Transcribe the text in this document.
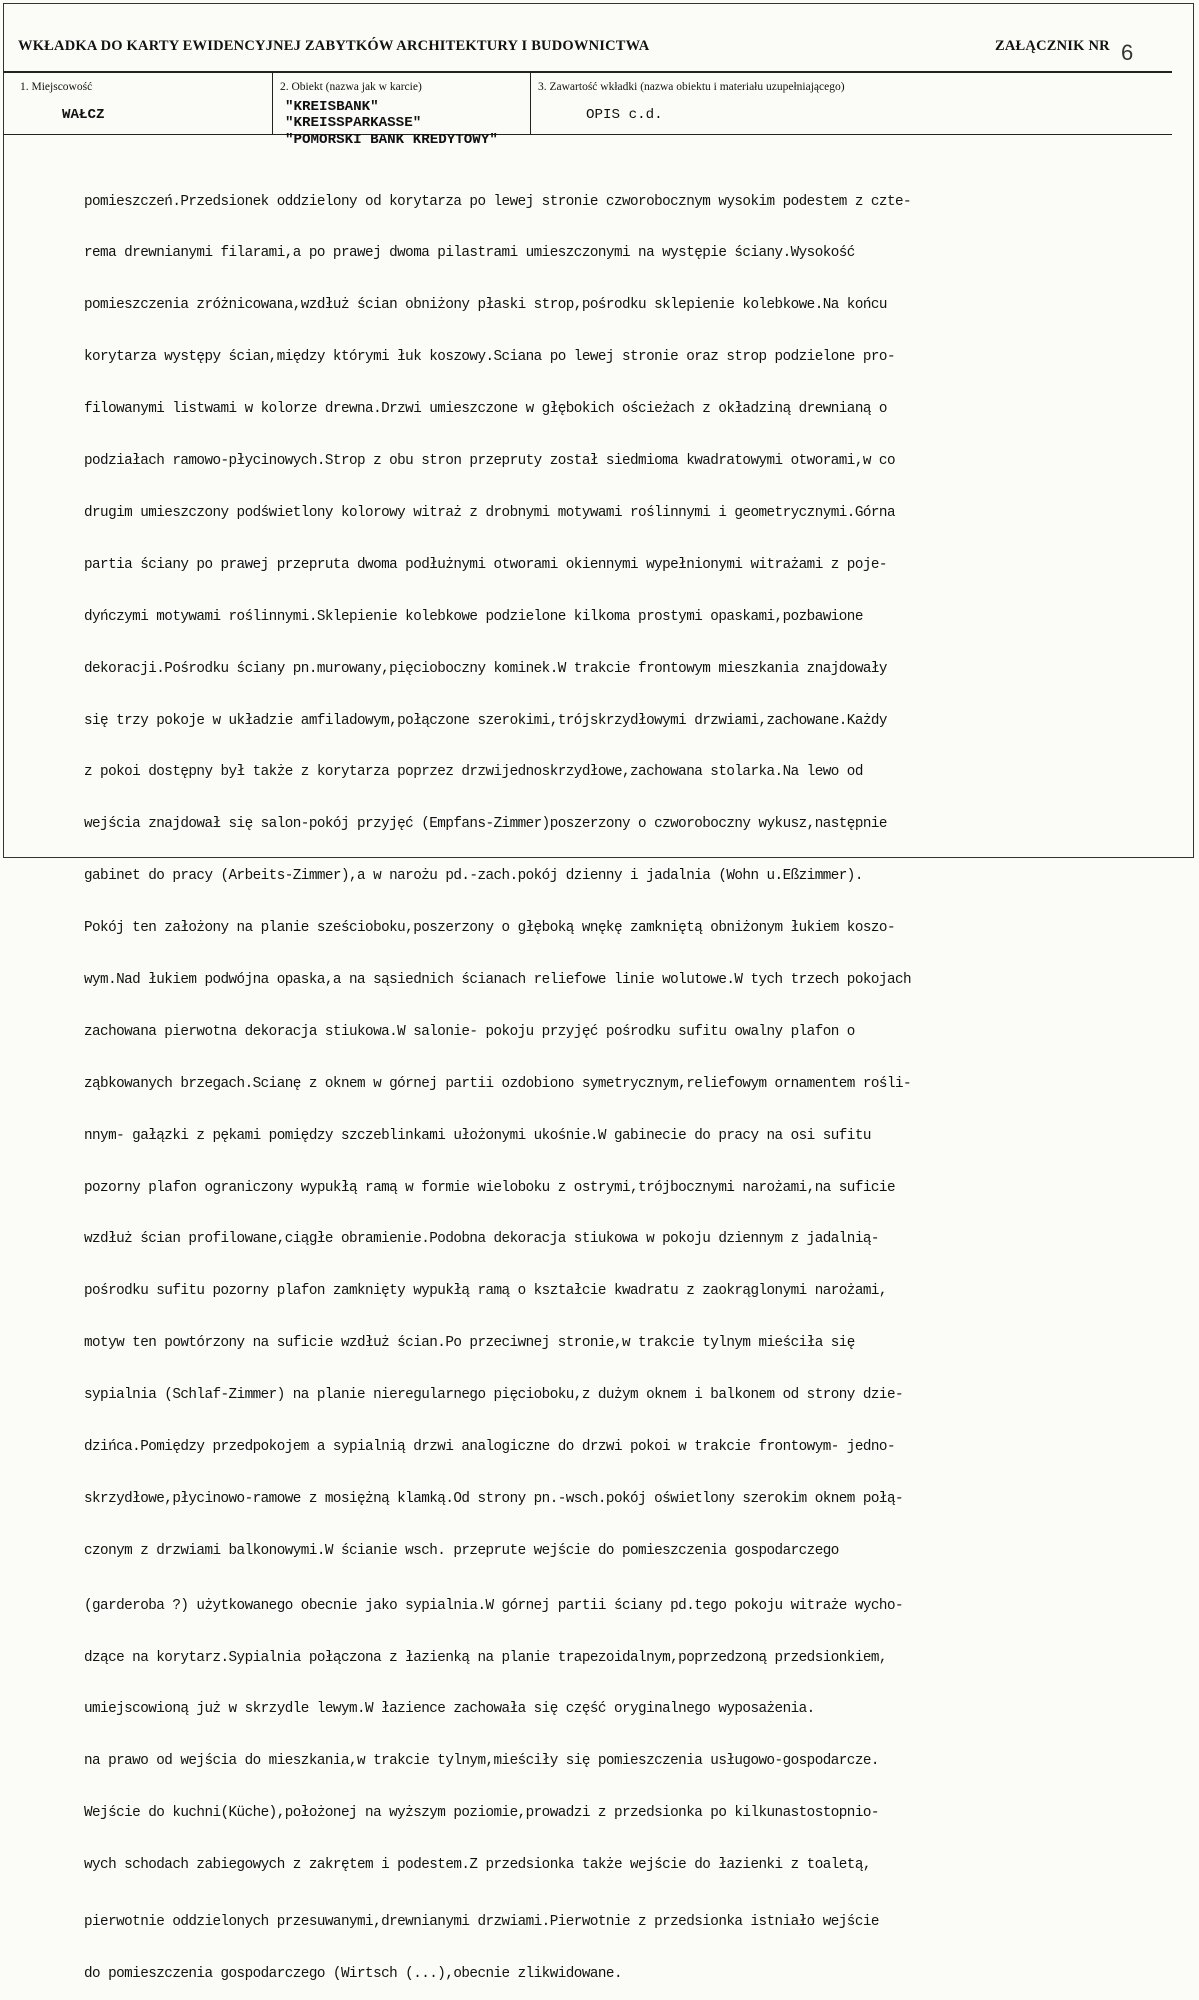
WKŁADKA DO KARTY EWIDENCYJNEJ ZABYTKÓW ARCHITEKTURY I BUDOWNICTWA	ZAŁĄCZNIK NR 6
1. Miejscowość
WAŁCZ
2. Obiekt (nazwa jak w karcie)
"KREISBANK"
"KREISSPARKASSE"
"POMORSKI BANK KREDYTOWY"
3. Zawartość wkładki (nazwa obiektu i materiału uzupełniającego)
OPIS c.d.

pomieszczeń.Przedsionek oddzielony od korytarza po lewej stronie czworobocznym wysokim podestem z czte-

rema drewnianymi filarami,a po prawej dwoma pilastrami umieszczonymi na występie ściany.Wysokość

pomieszczenia zróżnicowana,wzdłuż ścian obniżony płaski strop,pośrodku sklepienie kolebkowe.Na końcu

korytarza występy ścian,między którymi łuk koszowy.Sciana po lewej stronie oraz strop podzielone pro-

filowanymi listwami w kolorze drewna.Drzwi umieszczone w głębokich ościeżach z okładziną drewnianą o

podziałach ramowo-płycinowych.Strop z obu stron przepruty został siedmioma kwadratowymi otworami,w co

drugim umieszczony podświetlony kolorowy witraż z drobnymi motywami roślinnymi i geometrycznymi.Górna

partia ściany po prawej przepruta dwoma podłużnymi otworami okiennymi wypełnionymi witrażami z poje-

dyńczymi motywami roślinnymi.Sklepienie kolebkowe podzielone kilkoma prostymi opaskami,pozbawione

dekoracji.Pośrodku ściany pn.murowany,pięcioboczny kominek.W trakcie frontowym mieszkania znajdowały

się trzy pokoje w układzie amfiladowym,połączone szerokimi,trójskrzydłowymi drzwiami,zachowane.Każdy

z pokoi dostępny był także z korytarza poprzez drzwijednoskrzydłowe,zachowana stolarka.Na lewo od

wejścia znajdował się salon-pokój przyjęć (Empfans-Zimmer)poszerzony o czworoboczny wykusz,następnie

gabinet do pracy (Arbeits-Zimmer),a w narożu pd.-zach.pokój dzienny i jadalnia (Wohn u.Eßzimmer).

Pokój ten założony na planie sześcioboku,poszerzony o głęboką wnękę zamkniętą obniżonym łukiem koszo-

wym.Nad łukiem podwójna opaska,a na sąsiednich ścianach reliefowe linie wolutowe.W tych trzech pokojach

zachowana pierwotna dekoracja stiukowa.W salonie- pokoju przyjęć pośrodku sufitu owalny plafon o

ząbkowanych brzegach.Scianę z oknem w górnej partii ozdobiono symetrycznym,reliefowym ornamentem rośli-

nnym- gałązki z pękami pomiędzy szczeblinkami ułożonymi ukośnie.W gabinecie do pracy na osi sufitu

pozorny plafon ograniczony wypukłą ramą w formie wieloboku z ostrymi,trójbocznymi narożami,na suficie

wzdłuż ścian profilowane,ciągłe obramienie.Podobna dekoracja stiukowa w pokoju dziennym z jadalnią-

pośrodku sufitu pozorny plafon zamknięty wypukłą ramą o kształcie kwadratu z zaokrąglonymi narożami,

motyw ten powtórzony na suficie wzdłuż ścian.Po przeciwnej stronie,w trakcie tylnym mieściła się

sypialnia (Schlaf-Zimmer) na planie nieregularnego pięcioboku,z dużym oknem i balkonem od strony dzie-

dzińca.Pomiędzy przedpokojem a sypialnią drzwi analogiczne do drzwi pokoi w trakcie frontowym- jedno-

skrzydłowe,płycinowo-ramowe z mosiężną klamką.Od strony pn.-wsch.pokój oświetlony szerokim oknem połą-

czonym z drzwiami balkonowymi.W ścianie wsch. przeprute wejście do pomieszczenia gospodarczego

(garderoba ?) użytkowanego obecnie jako sypialnia.W górnej partii ściany pd.tego pokoju witraże wycho-

dzące na korytarz.Sypialnia połączona z łazienką na planie trapezoidalnym,poprzedzoną przedsionkiem,

umiejscowioną już w skrzydle lewym.W łazience zachowała się część oryginalnego wyposażenia.

na prawo od wejścia do mieszkania,w trakcie tylnym,mieściły się pomieszczenia usługowo-gospodarcze.

Wejście do kuchni(Küche),położonej na wyższym poziomie,prowadzi z przedsionka po kilkunastostopnio-

wych schodach zabiegowych z zakrętem i podestem.Z przedsionka także wejście do łazienki z toaletą,

pierwotnie oddzielonych przesuwanymi,drewnianymi drzwiami.Pierwotnie z przedsionka istniało wejście

do pomieszczenia gospodarczego (Wirtsch (...),obecnie zlikwidowane.
